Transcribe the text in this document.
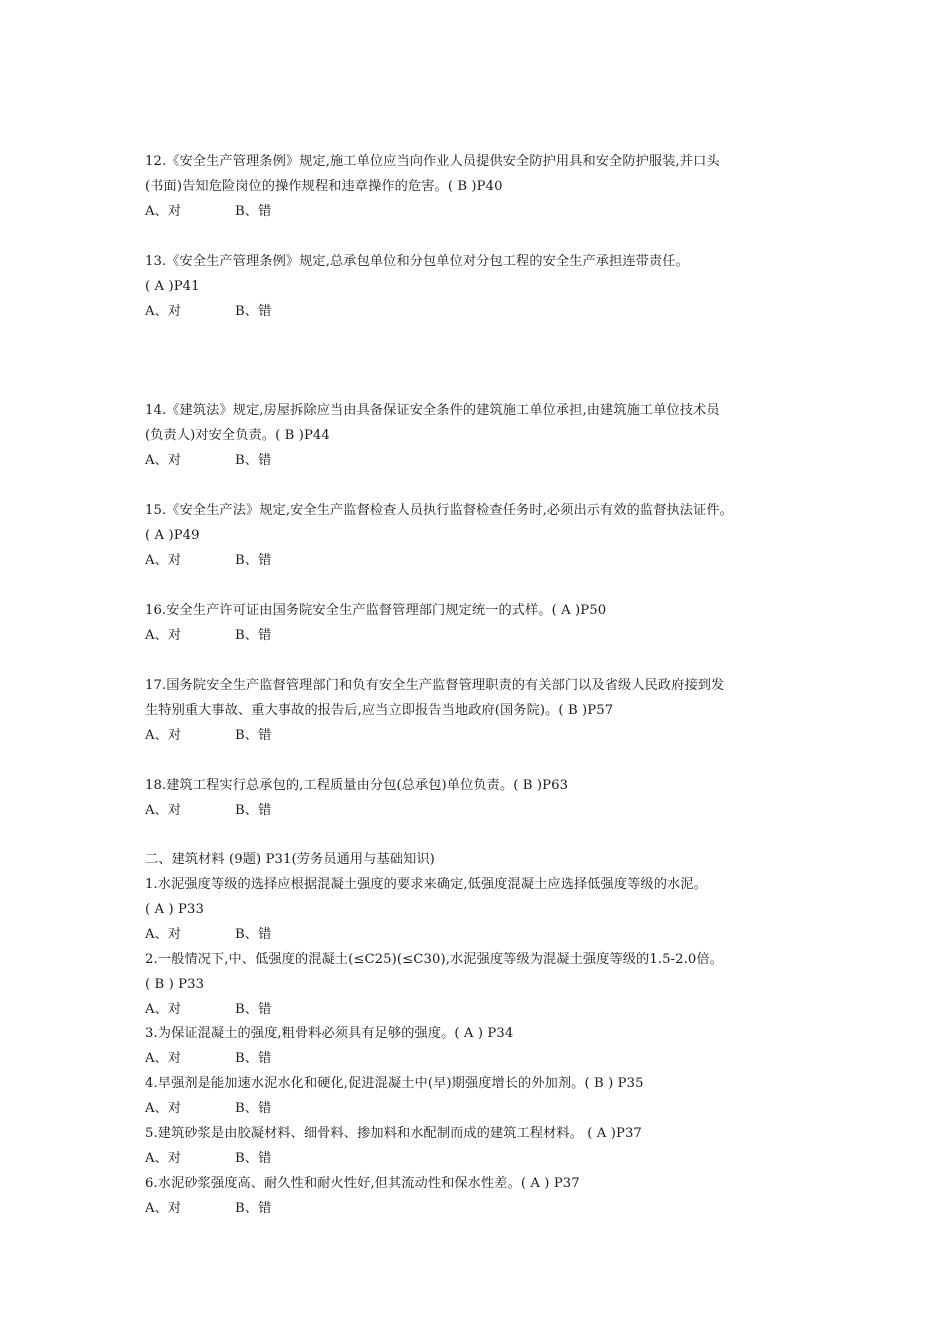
12.《安全生产管理条例》规定,施工单位应当向作业人员提供安全防护用具和安全防护服装,并口头
(书面)告知危险岗位的操作规程和违章操作的危害。( B )P40
A、对	B、错
13.《安全生产管理条例》规定,总承包单位和分包单位对分包工程的安全生产承担连带责任。
( A )P41
A、对	B、错
14.《建筑法》规定,房屋拆除应当由具备保证安全条件的建筑施工单位承担,由建筑施工单位技术员
(负责人)对安全负责。( B )P44
A、对	B、错
15.《安全生产法》规定,安全生产监督检查人员执行监督检查任务时,必须出示有效的监督执法证件。
( A )P49
A、对	B、错
16.安全生产许可证由国务院安全生产监督管理部门规定统一的式样。( A )P50
A、对	B、错
17.国务院安全生产监督管理部门和负有安全生产监督管理职责的有关部门以及省级人民政府接到发
生特别重大事故、重大事故的报告后,应当立即报告当地政府(国务院)。( B )P57
A、对	B、错
18.建筑工程实行总承包的,工程质量由分包(总承包)单位负责。( B )P63
A、对	B、错
二、建筑材料 (9题) P31(劳务员通用与基础知识)
1.水泥强度等级的选择应根据混凝土强度的要求来确定,低强度混凝土应选择低强度等级的水泥。
( A ) P33
A、对	B、错
2.一般情况下,中、低强度的混凝土(≤C25)(≤C30),水泥强度等级为混凝土强度等级的1.5-2.0倍。
( B ) P33
A、对	B、错
3.为保证混凝土的强度,粗骨料必须具有足够的强度。( A ) P34
A、对	B、错
4.早强剂是能加速水泥水化和硬化,促进混凝土中(早)期强度增长的外加剂。( B ) P35
A、对	B、错
5.建筑砂浆是由胶凝材料、细骨料、掺加料和水配制而成的建筑工程材料。 ( A )P37
A、对	B、错
6.水泥砂浆强度高、耐久性和耐火性好,但其流动性和保水性差。( A ) P37
A、对	B、错
